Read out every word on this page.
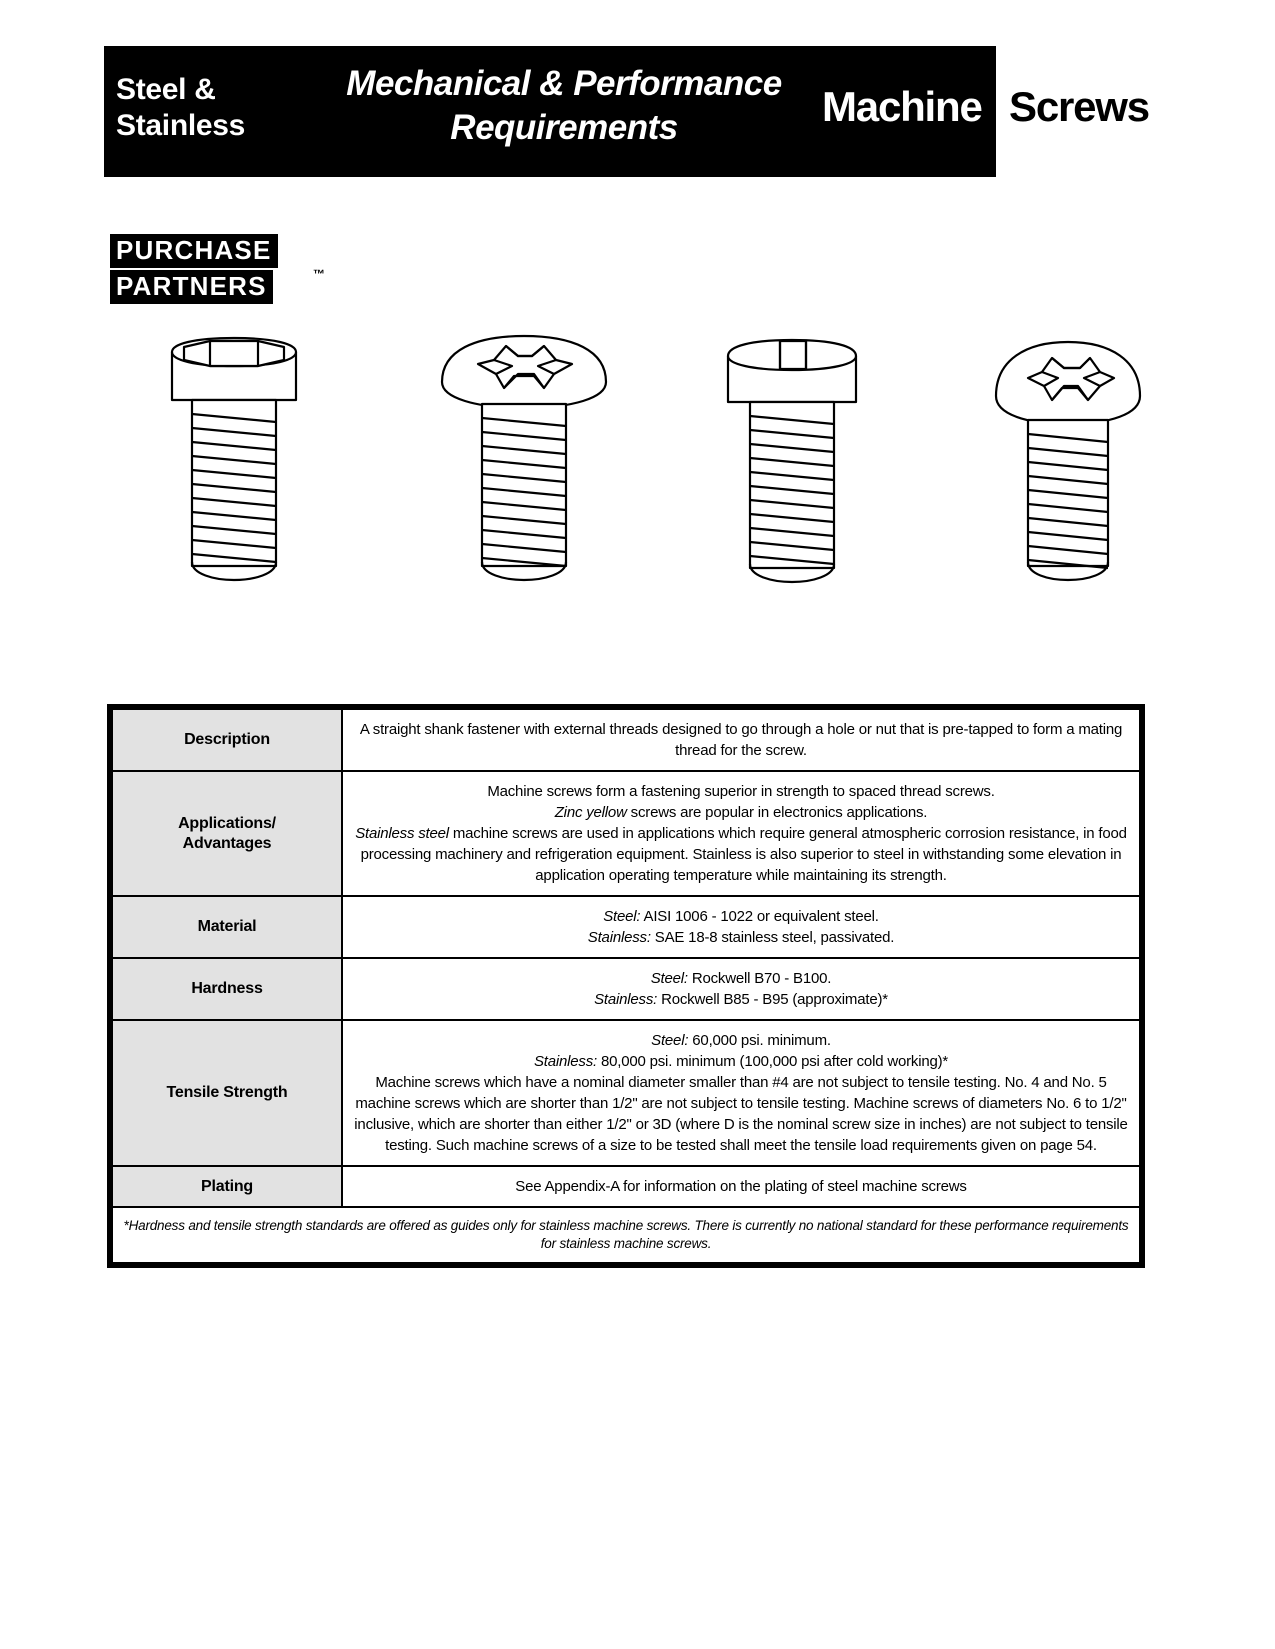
Steel &
Stainless
Mechanical & Performance
Requirements	Machine Screws
PURCHASE PARTNERS	™
Description	A straight shank fastener with external threads designed to go through a hole or nut that is pre-tapped to form a mating thread for the screw.

Applications/
Advantages	Machine screws form a fastening superior in strength to spaced thread screws.
Zinc yellow screws are popular in electronics applications.
Stainless steel machine screws are used in applications which require general atmospheric corrosion resistance, in food processing machinery and refrigeration equipment. Stainless is also superior to steel in withstanding some elevation in application operating temperature while maintaining its strength.

Material	Steel: AISI 1006 - 1022 or equivalent steel.
Stainless: SAE 18-8 stainless steel, passivated.

Hardness	Steel: Rockwell B70 - B100.
Stainless: Rockwell B85 - B95 (approximate)*

Tensile Strength	Steel: 60,000 psi. minimum.
Stainless: 80,000 psi. minimum (100,000 psi after cold working)*
Machine screws which have a nominal diameter smaller than #4 are not subject to tensile testing. No. 4 and No. 5 machine screws which are shorter than 1/2" are not subject to tensile testing. Machine screws of diameters No. 6 to 1/2" inclusive, which are shorter than either 1/2" or 3D (where D is the nominal screw size in inches) are not subject to tensile testing. Such machine screws of a size to be tested shall meet the tensile load requirements given on page 54.

Plating	See Appendix-A for information on the plating of steel machine screws

*Hardness and tensile strength standards are offered as guides only for stainless machine screws. There is currently no national standard for these performance requirements for stainless machine screws.	
